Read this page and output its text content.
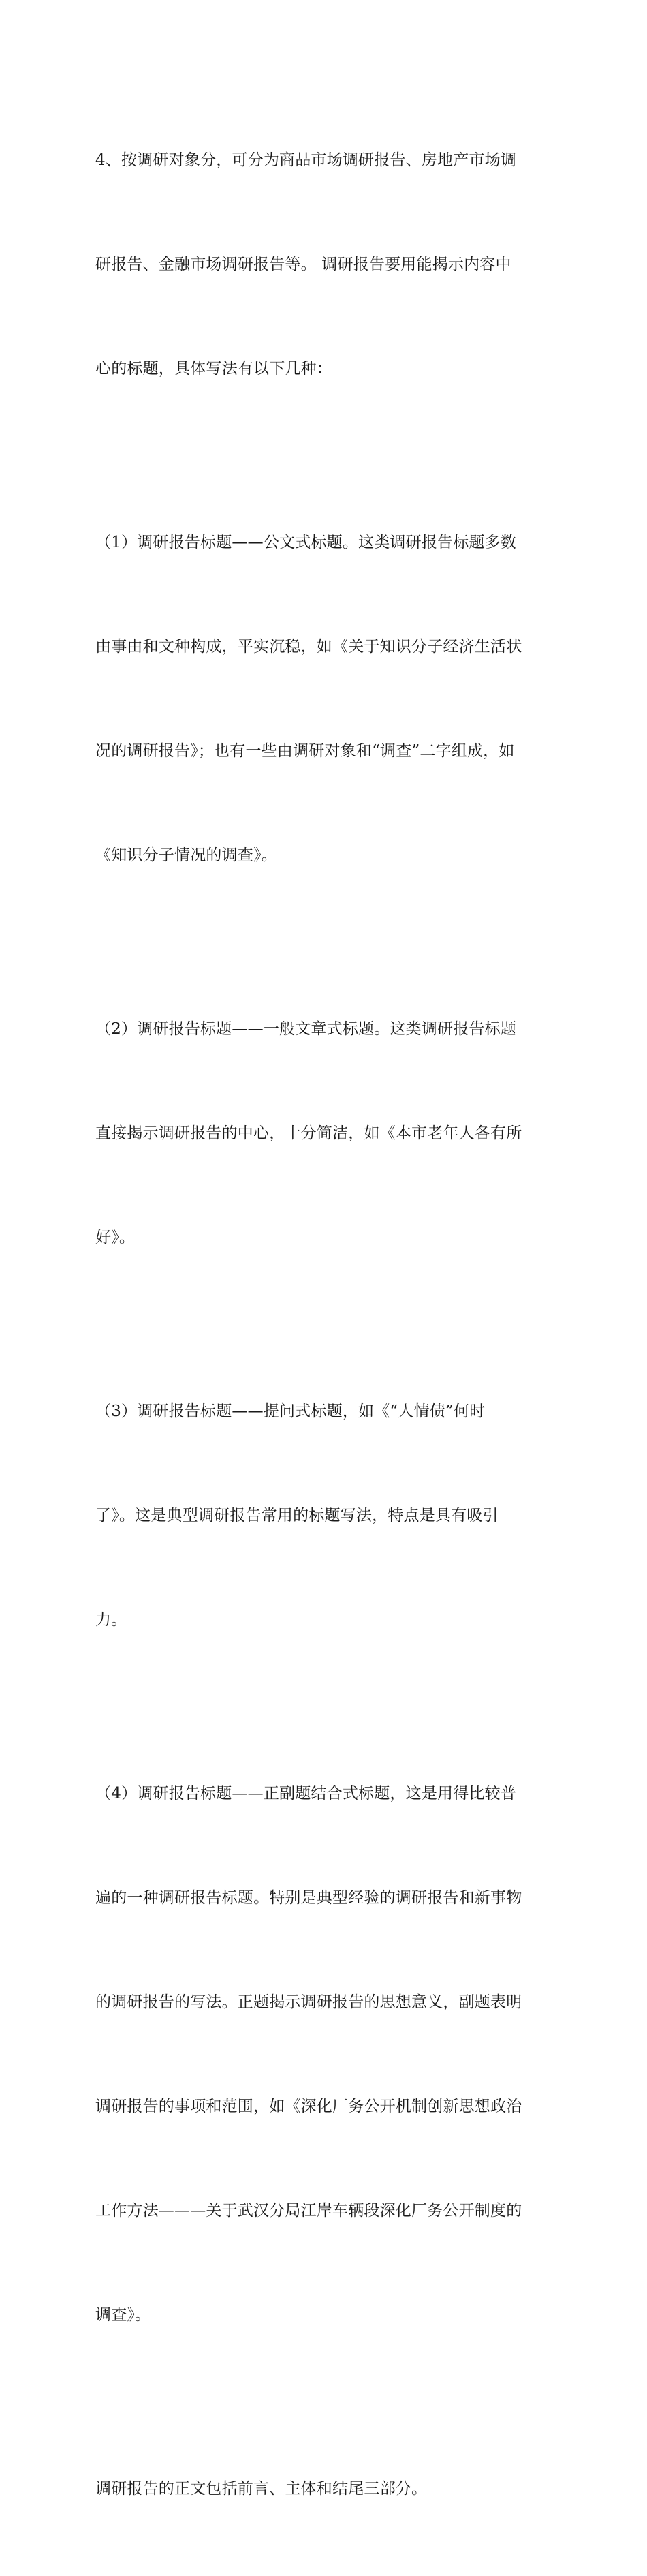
4、按调研对象分，可分为商品市场调研报告、房地产市场调

研报告、金融市场调研报告等。 调研报告要用能揭示内容中

心的标题，具体写法有以下几种：

（1）调研报告标题——公文式标题。这类调研报告标题多数

由事由和文种构成，平实沉稳，如《关于知识分子经济生活状

况的调研报告》；也有一些由调研对象和“调查”二字组成，如

《知识分子情况的调查》。

（2）调研报告标题——一般文章式标题。这类调研报告标题

直接揭示调研报告的中心，十分简洁，如《本市老年人各有所

好》。

（3）调研报告标题——提问式标题，如《“人情债”何时

了》。这是典型调研报告常用的标题写法，特点是具有吸引

力。

（4）调研报告标题——正副题结合式标题，这是用得比较普

遍的一种调研报告标题。特别是典型经验的调研报告和新事物

的调研报告的写法。正题揭示调研报告的思想意义，副题表明

调研报告的事项和范围，如《深化厂务公开机制创新思想政治

工作方法———关于武汉分局江岸车辆段深化厂务公开制度的

调查》。

调研报告的正文包括前言、主体和结尾三部分。
